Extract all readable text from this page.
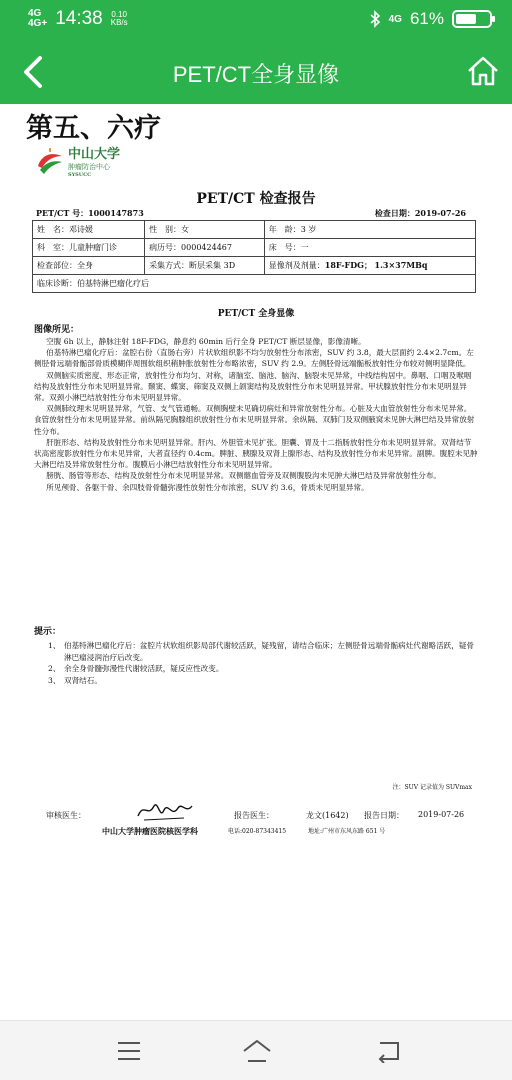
4G
4G+ 14:38 0.10
KB/s	4G 61%
PET/CT全身显像
第五、六疗
中山大学
肿瘤防治中心
SYSUCC
PET/CT 检查报告
PET/CT 号：1000147873	检查日期：2019-07-26
姓　名：邓诗媛	性　别：女	年　龄：3 岁
科　室：儿童肿瘤门诊	病历号：0000424467	床　号：一
检查部位：全身	采集方式：断层采集 3D	显像剂及剂量：18F-FDG； 1.3×37MBq
临床诊断：伯基特淋巴瘤化疗后		
PET/CT 全身显像
图像所见：

空腹 6h 以上，静脉注射 18F-FDG，静息约 60min 后行全身 PET/CT 断层显像，影像清晰。

伯基特淋巴瘤化疗后：盆腔右份（直肠右旁）片状软组织影不均匀放射性分布浓密，SUV 约 3.8，最大层面约 2.4×2.7cm。左侧胫骨远端骨骺部骨质模糊伴周围软组织稍肿胀放射性分布略浓密，SUV 约 2.9。左侧胫骨远端骺板放射性分布较对侧明显降低。

双侧脑实质密度、形态正常，放射性分布均匀、对称，诸脑室、脑池、脑沟、脑裂未见异常，中线结构居中。鼻咽、口咽及喉咽结构及放射性分布未见明显异常。颞窦、蝶窦、筛窦及双侧上颌窦结构及放射性分布未见明显异常。甲状腺放射性分布未见明显异常。双颈小淋巴结放射性分布未见明显异常。

双侧肺纹理未见明显异常，气管、支气管通畅。双侧胸壁未见确切病灶和异常放射性分布。心脏及大血管放射性分布未见异常。食管放射性分布未见明显异常。前纵隔见胸腺组织放射性分布未见明显异常。余纵隔、双肺门及双侧腋窝未见肿大淋巴结及异常放射性分布。

肝脏形态、结构及放射性分布未见明显异常。肝内、外胆管未见扩张。胆囊、胃及十二指肠放射性分布未见明显异常。双肾结节状高密度影放射性分布未见异常，大者直径约 0.4cm。脾脏、胰腺及双肾上腺形态、结构及放射性分布未见异常。副脾。腹腔未见肿大淋巴结及异常放射性分布。腹膜后小淋巴结放射性分布未见明显异常。

膀胱、肠管等形态、结构及放射性分布未见明显异常。双侧髂血管旁及双侧腹股沟未见肿大淋巴结及异常放射性分布。

所见颅骨、各躯干骨、余四肢骨骨髓弥漫性放射性分布浓密，SUV 约 3.6，骨质未见明显异常。

提示：
1、 伯基特淋巴瘤化疗后：盆腔片状软组织影局部代谢较活跃，疑残留，请结合临床；左侧胫骨远端骨骺病灶代谢略活跃，疑骨淋巴瘤浸润治疗后改变。
2、 余全身骨髓弥漫性代谢较活跃，疑反应性改变。
3、 双肾结石。
注：SUV 记录值为 SUVmax
审核医生：
中山大学肿瘤医院核医学科
报告医生：	龙文(1642) 报告日期： 2019-07-26
电话:020-87343415	地址:广州市东风东路 651 号
